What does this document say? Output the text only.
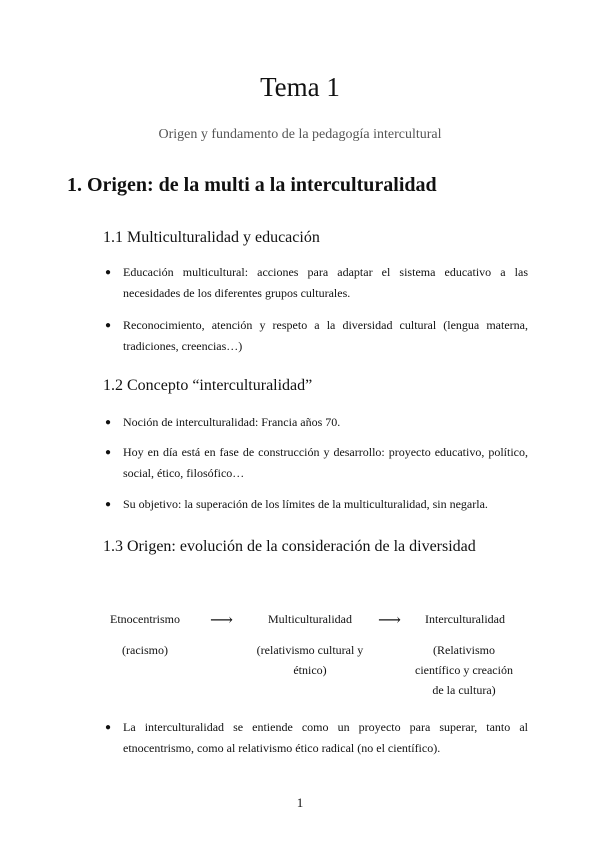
Tema 1
Origen y fundamento de la pedagogía intercultural
1. Origen: de la multi a la interculturalidad
1.1 Multiculturalidad y educación
● Educación multicultural: acciones para adaptar el sistema educativo a las necesidades de los diferentes grupos culturales.
● Reconocimiento, atención y respeto a la diversidad cultural (lengua materna, tradiciones, creencias…)
1.2 Concepto “interculturalidad”
● Noción de interculturalidad: Francia años 70.
● Hoy en día está en fase de construcción y desarrollo: proyecto educativo, político, social, ético, filosófico…
● Su objetivo: la superación de los límites de la multiculturalidad, sin negarla.
1.3 Origen: evolución de la consideración de la diversidad
Etnocentrismo
(racismo)
⟶	Multiculturalidad
(relativismo cultural y étnico)
⟶	Interculturalidad
(Relativismo científico y creación de la cultura)
● La interculturalidad se entiende como un proyecto para superar, tanto al etnocentrismo, como al relativismo ético radical (no el científico).
1
